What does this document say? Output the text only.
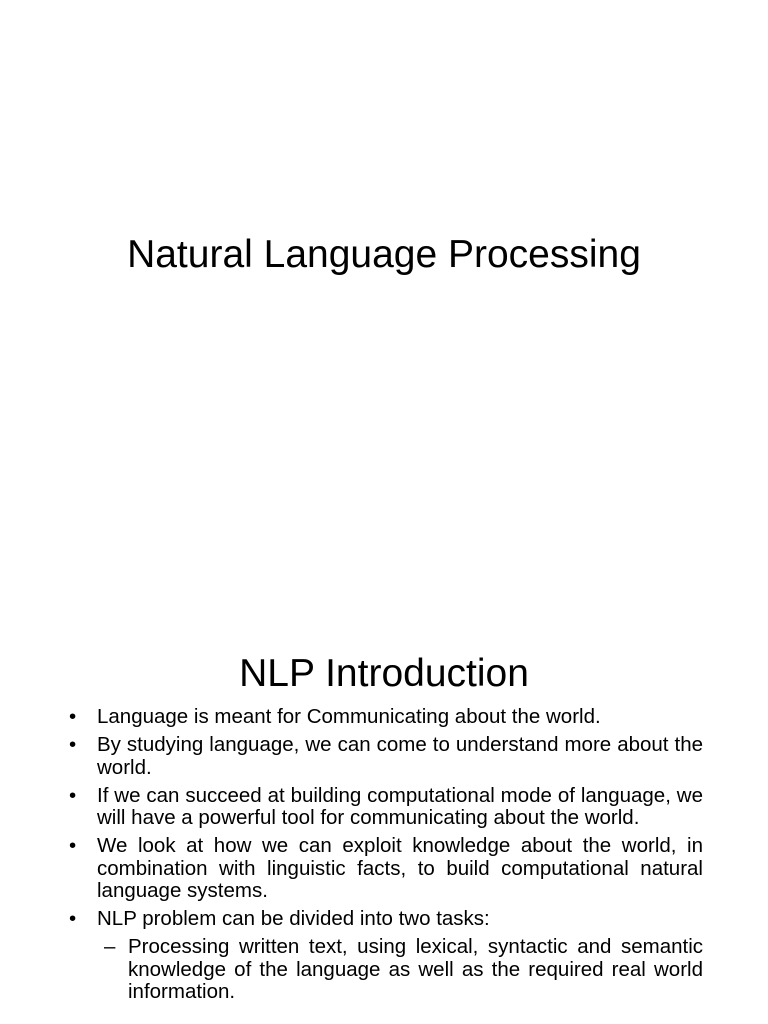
Natural Language Processing
NLP Introduction
• Language is meant for Communicating about the world.
• By studying language, we can come to understand more about the world.
• If we can succeed at building computational mode of language, we will have a powerful tool for communicating about the world.
• We look at how we can exploit knowledge about the world, in combination with linguistic facts, to build computational natural language systems.
• NLP problem can be divided into two tasks:
– Processing written text, using lexical, syntactic and semantic knowledge of the language as well as the required real world information.
